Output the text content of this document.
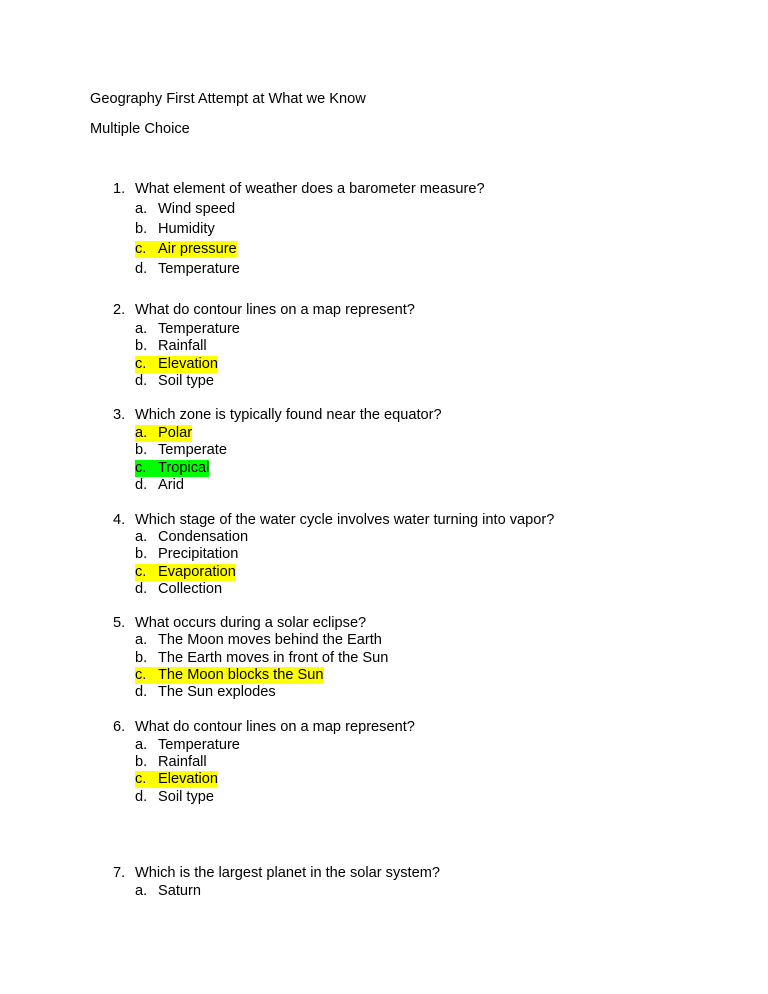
Geography First Attempt at What we Know
Multiple Choice
1. What element of weather does a barometer measure?
a. Wind speed
b. Humidity
c. Air pressure
d. Temperature
2. What do contour lines on a map represent?
a. Temperature
b. Rainfall
c. Elevation
d. Soil type
3. Which zone is typically found near the equator?
a. Polar
b. Temperate
c. Tropical
d. Arid
4. Which stage of the water cycle involves water turning into vapor?
a. Condensation
b. Precipitation
c. Evaporation
d. Collection
5. What occurs during a solar eclipse?
a. The Moon moves behind the Earth
b. The Earth moves in front of the Sun
c. The Moon blocks the Sun
d. The Sun explodes
6. What do contour lines on a map represent?
a. Temperature
b. Rainfall
c. Elevation
d. Soil type
7. Which is the largest planet in the solar system?
a. Saturn
